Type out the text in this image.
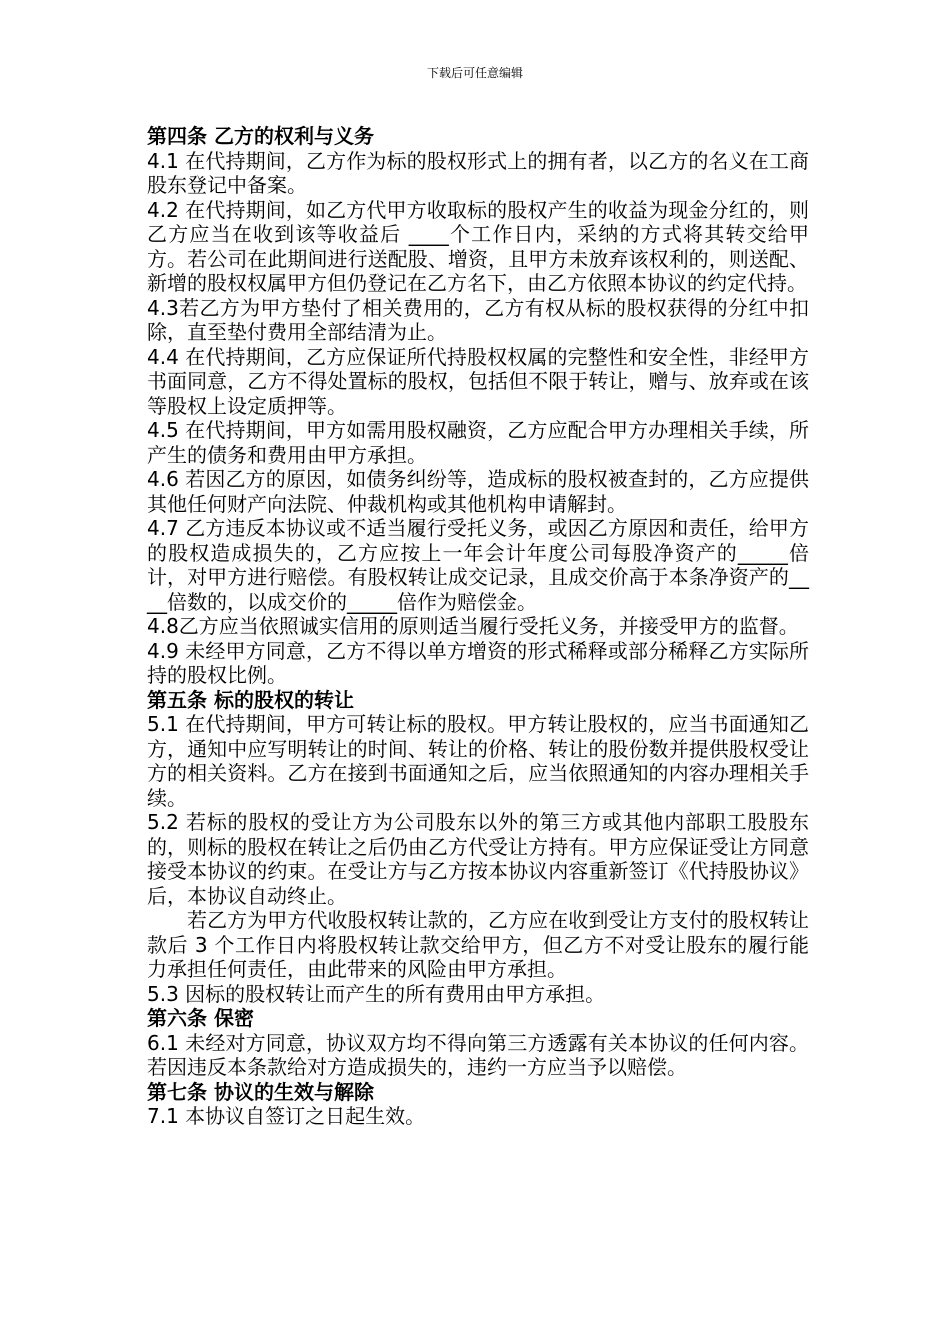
下载后可任意编辑

第四条 乙方的权利与义务

4.1 在代持期间，乙方作为标的股权形式上的拥有者，以乙方的名义在工商股东登记中备案。

4.2 在代持期间，如乙方代甲方收取标的股权产生的收益为现金分红的，则乙方应当在收到该等收益后 ____个工作日内，采纳的方式将其转交给甲方。若公司在此期间进行送配股、增资，且甲方未放弃该权利的，则送配、新增的股权权属甲方但仍登记在乙方名下，由乙方依照本协议的约定代持。

4.3若乙方为甲方垫付了相关费用的，乙方有权从标的股权获得的分红中扣除，直至垫付费用全部结清为止。

4.4 在代持期间，乙方应保证所代持股权权属的完整性和安全性，非经甲方书面同意，乙方不得处置标的股权，包括但不限于转让，赠与、放弃或在该等股权上设定质押等。

4.5 在代持期间，甲方如需用股权融资，乙方应配合甲方办理相关手续，所产生的债务和费用由甲方承担。

4.6 若因乙方的原因，如债务纠纷等，造成标的股权被查封的，乙方应提供其他任何财产向法院、仲裁机构或其他机构申请解封。

4.7 乙方违反本协议或不适当履行受托义务，或因乙方原因和责任，给甲方的股权造成损失的，乙方应按上一年会计年度公司每股净资产的_____倍计，对甲方进行赔偿。有股权转让成交记录，且成交价高于本条净资产的____倍数的，以成交价的_____倍作为赔偿金。

4.8乙方应当依照诚实信用的原则适当履行受托义务，并接受甲方的监督。

4.9 未经甲方同意，乙方不得以单方增资的形式稀释或部分稀释乙方实际所持的股权比例。

第五条 标的股权的转让

5.1 在代持期间，甲方可转让标的股权。甲方转让股权的，应当书面通知乙方，通知中应写明转让的时间、转让的价格、转让的股份数并提供股权受让方的相关资料。乙方在接到书面通知之后，应当依照通知的内容办理相关手续。

5.2 若标的股权的受让方为公司股东以外的第三方或其他内部职工股股东的，则标的股权在转让之后仍由乙方代受让方持有。甲方应保证受让方同意接受本协议的约束。在受让方与乙方按本协议内容重新签订《代持股协议》后，本协议自动终止。

若乙方为甲方代收股权转让款的，乙方应在收到受让方支付的股权转让款后 3 个工作日内将股权转让款交给甲方，但乙方不对受让股东的履行能力承担任何责任，由此带来的风险由甲方承担。

5.3 因标的股权转让而产生的所有费用由甲方承担。

第六条 保密

6.1 未经对方同意，协议双方均不得向第三方透露有关本协议的任何内容。若因违反本条款给对方造成损失的，违约一方应当予以赔偿。

第七条 协议的生效与解除

7.1 本协议自签订之日起生效。
